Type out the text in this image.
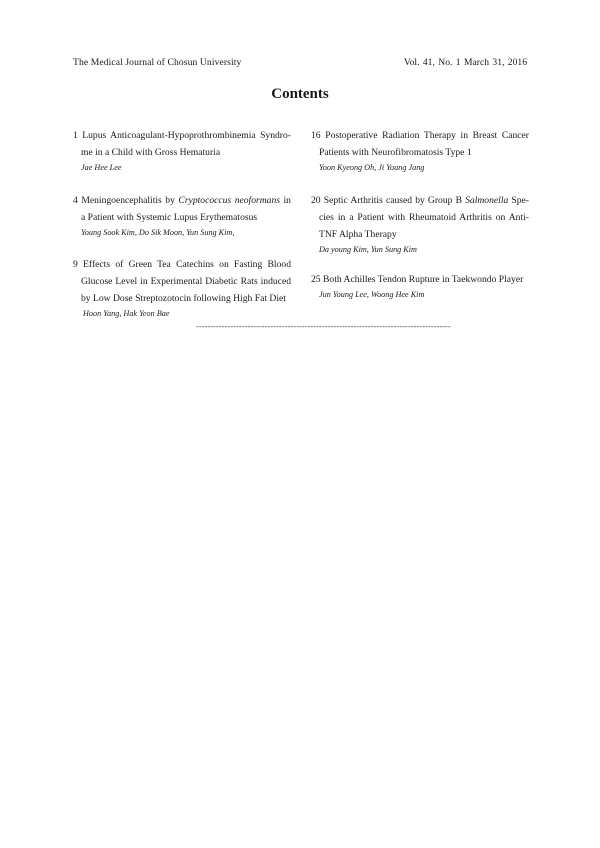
The Medical Journal of Chosun University	Vol. 41, No. 1 March 31, 2016
Contents
1 Lupus Anticoagulant-Hypoprothrombinemia Syndro-
me in a Child with Gross Hematuria
Jae Hee Lee
4 Meningoencephalitis by Cryptococcus neoformans in
a Patient with Systemic Lupus Erythematosus
Young Sook Kim, Do Sik Moon, Yun Sung Kim,
9 Effects of Green Tea Catechins on Fasting Blood
Glucose Level in Experimental Diabetic Rats induced
by Low Dose Streptozotocin following High Fat Diet
Hoon Yang, Hak Yeon Bae
16 Postoperative Radiation Therapy in Breast Cancer
Patients with Neurofibromatosis Type 1
Yoon Kyeong Oh, Ji Young Jang
20 Septic Arthritis caused by Group B Salmonella Spe-
cies in a Patient with Rheumatoid Arthritis on Anti-
TNF Alpha Therapy
Da young Kim, Yun Sung Kim
25 Both Achilles Tendon Rupture in Taekwondo Player
Jun Young Lee, Woong Hee Kim
-----------------------------------------------------------------------------------------
